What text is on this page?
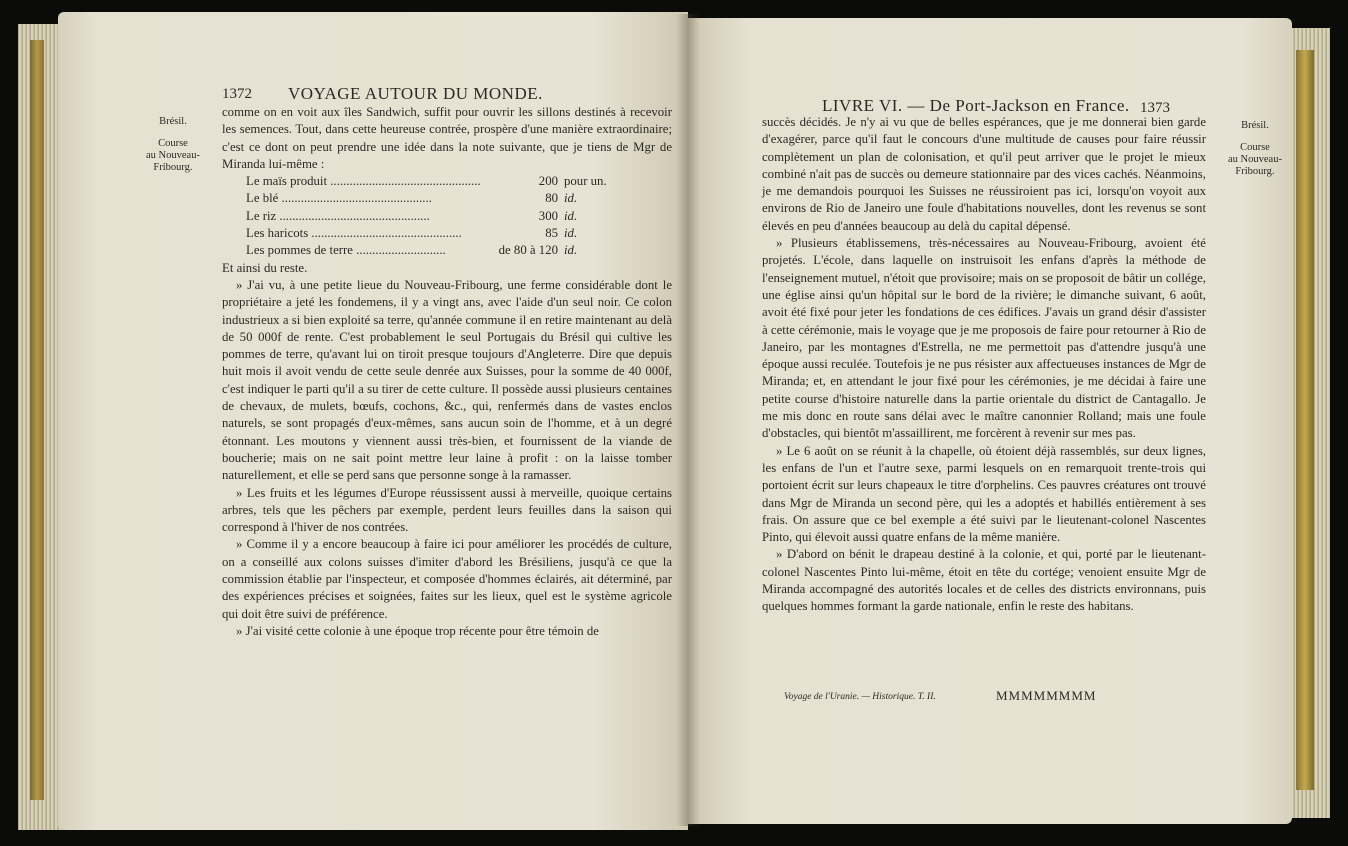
1372 VOYAGE AUTOUR DU MONDE.
Brésil.
Course
au Nouveau-
Fribourg.

comme on en voit aux îles Sandwich, suffit pour ouvrir les sillons destinés à recevoir les semences. Tout, dans cette heureuse contrée, prospère d'une manière extraordinaire; c'est ce dont on peut prendre une idée dans la note suivante, que je tiens de Mgr de Miranda lui-même :

Le maïs produit .....	200 pour un.
Le blé .....	80 id.
Le riz .....	300 id.
Les haricots .....	85 id.
Les pommes de terre .....	de 80 à 120 id.

Et ainsi du reste.

» J'ai vu, à une petite lieue du Nouveau-Fribourg, une ferme considérable dont le propriétaire a jeté les fondemens, il y a vingt ans, avec l'aide d'un seul noir. Ce colon industrieux a si bien exploité sa terre, qu'année commune il en retire maintenant au delà de 50 000f de rente. C'est probablement le seul Portugais du Brésil qui cultive les pommes de terre, qu'avant lui on tiroit presque toujours d'Angleterre. Dire que depuis huit mois il avoit vendu de cette seule denrée aux Suisses, pour la somme de 40 000f, c'est indiquer le parti qu'il a su tirer de cette culture. Il possède aussi plusieurs centaines de chevaux, de mulets, bœufs, cochons, &c., qui, renfermés dans de vastes enclos naturels, se sont propagés d'eux-mêmes, sans aucun soin de l'homme, et à un degré étonnant. Les moutons y viennent aussi très-bien, et fournissent de la viande de boucherie; mais on ne sait point mettre leur laine à profit : on la laisse tomber naturellement, et elle se perd sans que personne songe à la ramasser.

» Les fruits et les légumes d'Europe réussissent aussi à merveille, quoique certains arbres, tels que les pêchers par exemple, perdent leurs feuilles dans la saison qui correspond à l'hiver de nos contrées.

» Comme il y a encore beaucoup à faire ici pour améliorer les procédés de culture, on a conseillé aux colons suisses d'imiter d'abord les Brésiliens, jusqu'à ce que la commission établie par l'inspecteur, et composée d'hommes éclairés, ait déterminé, par des expériences précises et soignées, faites sur les lieux, quel est le système agricole qui doit être suivi de préférence.

» J'ai visité cette colonie à une époque trop récente pour être témoin de

LIVRE VI. — De Port-Jackson en France. 1373
Brésil.
Course
au Nouveau-
Fribourg.

succès décidés. Je n'y ai vu que de belles espérances, que je me donnerai bien garde d'exagérer, parce qu'il faut le concours d'une multitude de causes pour faire réussir complètement un plan de colonisation, et qu'il peut arriver que le projet le mieux combiné n'ait pas de succès ou demeure stationnaire par des vices cachés. Néanmoins, je me demandois pourquoi les Suisses ne réussiroient pas ici, lorsqu'on voyoit aux environs de Rio de Janeiro une foule d'habitations nouvelles, dont les revenus se sont élevés en peu d'années beaucoup au delà du capital dépensé.

» Plusieurs établissemens, très-nécessaires au Nouveau-Fribourg, avoient été projetés. L'école, dans laquelle on instruisoit les enfans d'après la méthode de l'enseignement mutuel, n'étoit que provisoire; mais on se proposoit de bâtir un collége, une église ainsi qu'un hôpital sur le bord de la rivière; le dimanche suivant, 6 août, avoit été fixé pour jeter les fondations de ces édifices. J'avais un grand désir d'assister à cette cérémonie, mais le voyage que je me proposois de faire pour retourner à Rio de Janeiro, par les montagnes d'Estrella, ne me permettoit pas d'attendre jusqu'à une époque aussi reculée. Toutefois je ne pus résister aux affectueuses instances de Mgr de Miranda; et, en attendant le jour fixé pour les cérémonies, je me décidai à faire une petite course d'histoire naturelle dans la partie orientale du district de Cantagallo. Je me mis donc en route sans délai avec le maître canonnier Rolland; mais une foule d'obstacles, qui bientôt m'assaillirent, me forcèrent à revenir sur mes pas.

» Le 6 août on se réunit à la chapelle, où étoient déjà rassemblés, sur deux lignes, les enfans de l'un et l'autre sexe, parmi lesquels on en remarquoit trente-trois qui portoient écrit sur leurs chapeaux le titre d'orphelins. Ces pauvres créatures ont trouvé dans Mgr de Miranda un second père, qui les a adoptés et habillés entièrement à ses frais. On assure que ce bel exemple a été suivi par le lieutenant-colonel Nascentes Pinto, qui élevoit aussi quatre enfans de la même manière.

» D'abord on bénit le drapeau destiné à la colonie, et qui, porté par le lieutenant-colonel Nascentes Pinto lui-même, étoit en tête du cortége; venoient ensuite Mgr de Miranda accompagné des autorités locales et de celles des districts environnans, puis quelques hommes formant la garde nationale, enfin le reste des habitans.

Voyage de l'Uranie. — Historique. T. II.	MMMMMMMM
